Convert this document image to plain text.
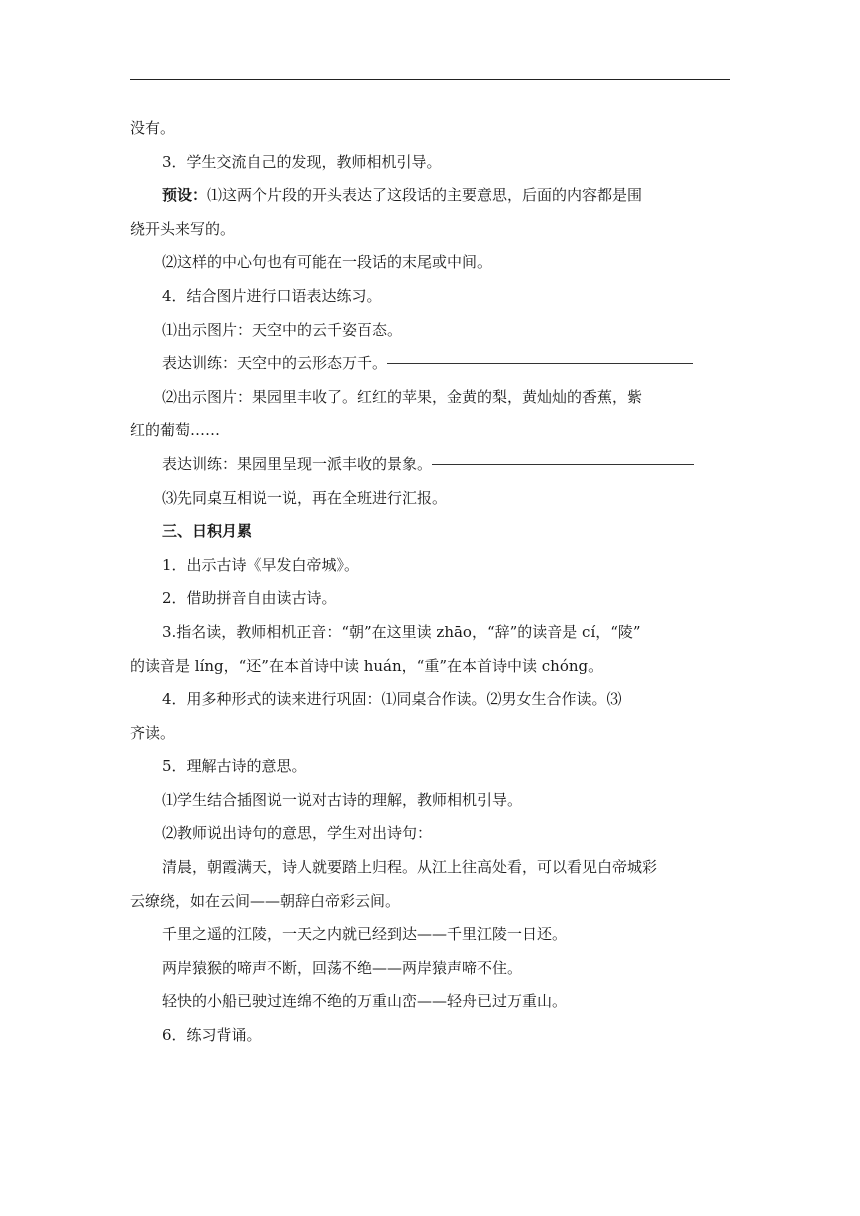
没有。
3．学生交流自己的发现，教师相机引导。
预设：⑴这两个片段的开头表达了这段话的主要意思，后面的内容都是围
绕开头来写的。
⑵这样的中心句也有可能在一段话的末尾或中间。
4．结合图片进行口语表达练习。
⑴出示图片：天空中的云千姿百态。
表达训练：天空中的云形态万千。
⑵出示图片：果园里丰收了。红红的苹果，金黄的梨，黄灿灿的香蕉，紫
红的葡萄……
表达训练：果园里呈现一派丰收的景象。
⑶先同桌互相说一说，再在全班进行汇报。
三、日积月累
1．出示古诗《早发白帝城》。
2．借助拼音自由读古诗。
3.指名读，教师相机正音：“朝”在这里读 zhāo，“辞”的读音是 cí，“陵”
的读音是 líng，“还”在本首诗中读 huán，“重”在本首诗中读 chóng。
4．用多种形式的读来进行巩固：⑴同桌合作读。⑵男女生合作读。⑶
齐读。
5．理解古诗的意思。
⑴学生结合插图说一说对古诗的理解，教师相机引导。
⑵教师说出诗句的意思，学生对出诗句：
清晨，朝霞满天，诗人就要踏上归程。从江上往高处看，可以看见白帝城彩
云缭绕，如在云间——朝辞白帝彩云间。
千里之遥的江陵，一天之内就已经到达——千里江陵一日还。
两岸猿猴的啼声不断，回荡不绝——两岸猿声啼不住。
轻快的小船已驶过连绵不绝的万重山峦——轻舟已过万重山。
6．练习背诵。
